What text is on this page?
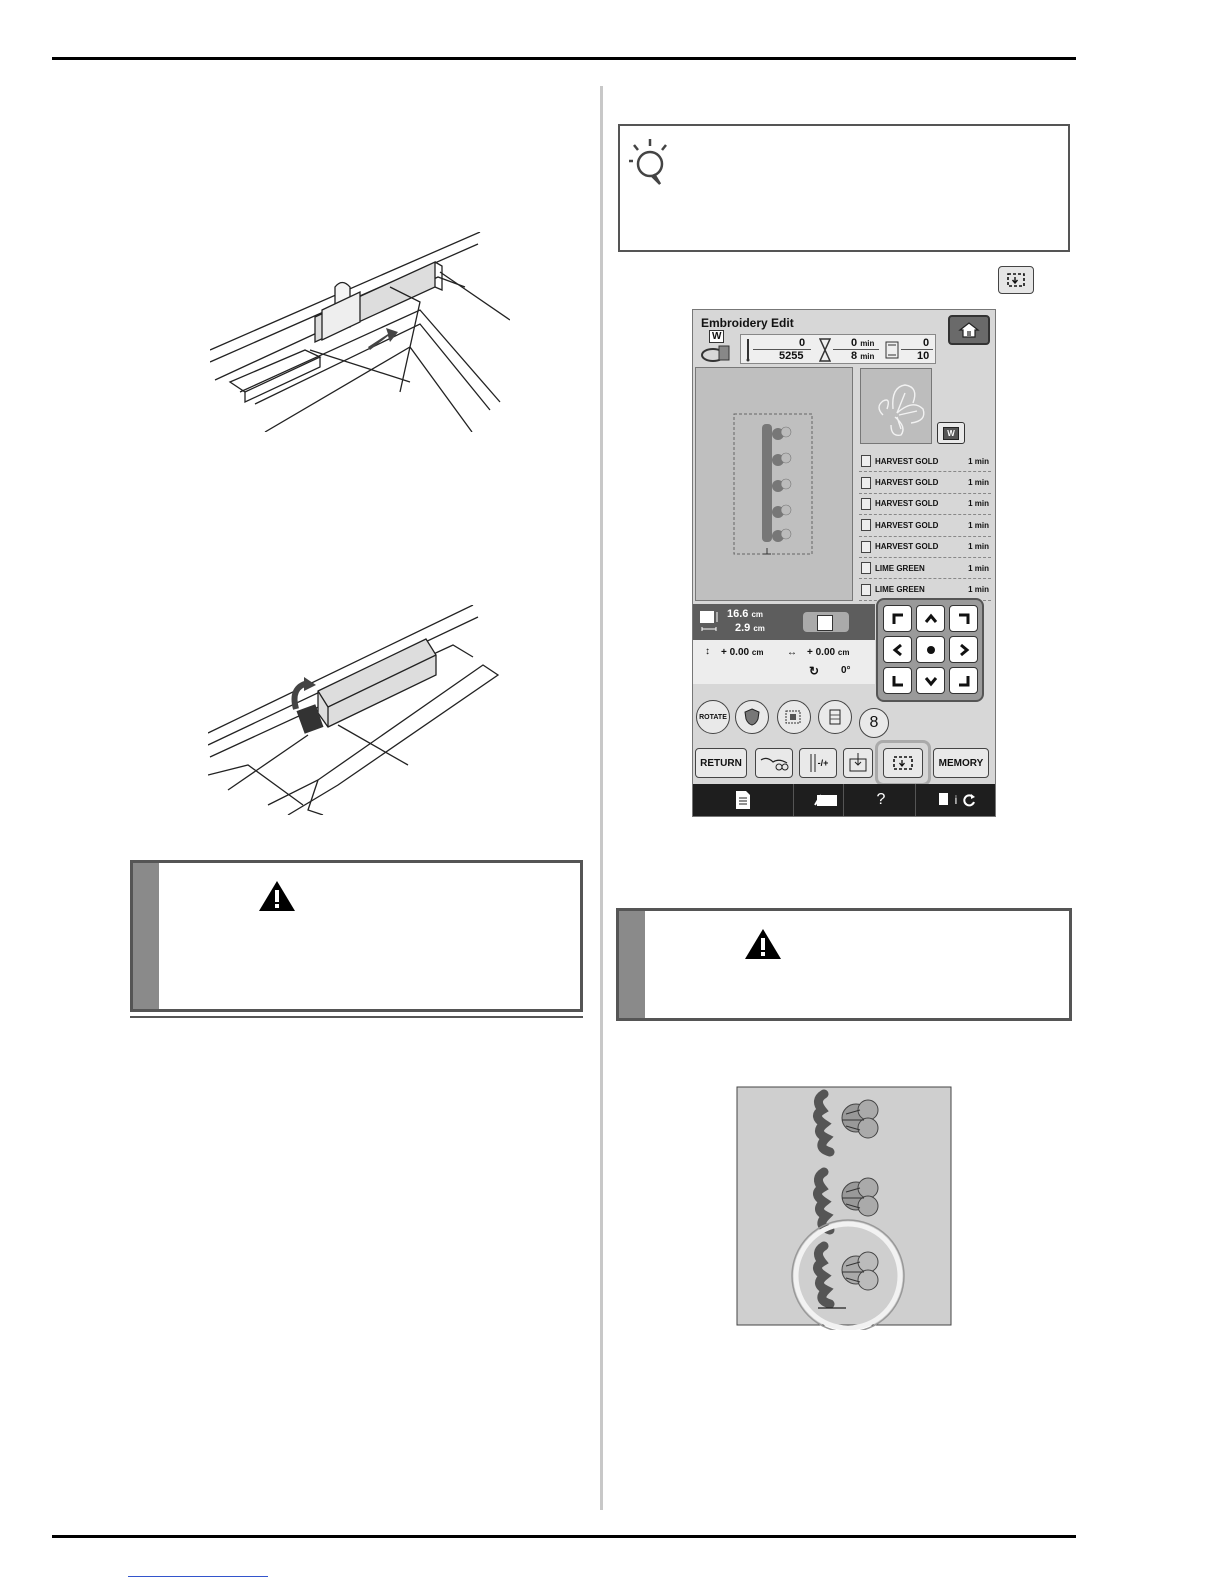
Embroidery Edit
W
0
5255
0 min
8 min
0
10
W
HARVEST GOLD	1 min
HARVEST GOLD	1 min
HARVEST GOLD	1 min
HARVEST GOLD	1 min
HARVEST GOLD	1 min
LIME GREEN	1 min
LIME GREEN	1 min
16.6 cm
2.9 cm
+
↕ + 0.00 cm ↔ + 0.00 cm
↻ 0°
ROTATE	8
RETURN	-/+	MEMORY
?	i
